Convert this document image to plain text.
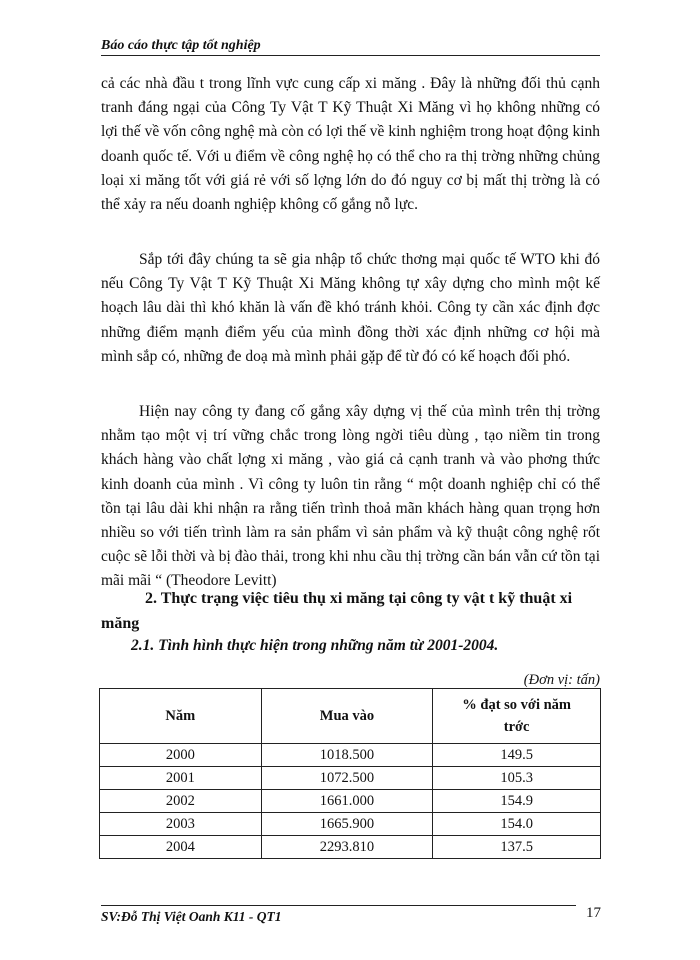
Báo cáo thực tập tốt nghiệp

cả các nhà đầu t trong lĩnh vực cung cấp xi măng . Đây là những đối thủ cạnh tranh đáng ngại của Công Ty Vật T Kỹ Thuật Xi Măng vì họ không những có lợi thế về vốn công nghệ mà còn có lợi thế về kinh nghiệm trong hoạt động kinh doanh quốc tế. Với u điểm về công nghệ họ có thể cho ra thị trờng những chủng loại xi măng tốt với giá rẻ với số lợng lớn do đó nguy cơ bị mất thị trờng là có thể xảy ra nếu doanh nghiệp không cố gắng nỗ lực.

Sắp tới đây chúng ta sẽ gia nhập tổ chức thơng mại quốc tế WTO khi đó nếu Công Ty Vật T Kỹ Thuật Xi Măng không tự xây dựng cho mình một kế hoạch lâu dài thì khó khăn là vấn đề khó tránh khỏi. Công ty cần xác định đợc những điểm mạnh điểm yếu của mình đồng thời xác định những cơ hội mà mình sắp có, những đe doạ mà mình phải gặp để từ đó có kế hoạch đối phó.

Hiện nay công ty đang cố gắng xây dựng vị thế của mình trên thị trờng nhằm tạo một vị trí vững chắc trong lòng ngời tiêu dùng , tạo niềm tin trong khách hàng vào chất lợng xi măng , vào giá cả cạnh tranh và vào phơng thức kinh doanh của mình . Vì công ty luôn tin rằng “ một doanh nghiệp chỉ có thể tồn tại lâu dài khi nhận ra rằng tiến trình thoả mãn khách hàng quan trọng hơn nhiều so với tiến trình làm ra sản phẩm vì sản phẩm và kỹ thuật công nghệ rốt cuộc sẽ lỗi thời và bị đào thải, trong khi nhu cầu thị trờng cần bán vẫn cứ tồn tại mãi mãi “ (Theodore Levitt)

2. Thực trạng việc tiêu thụ xi măng tại công ty vật t kỹ thuật xi măng

2.1. Tình hình thực hiện trong những năm từ 2001-2004.

(Đơn vị: tấn)
Năm	Mua vào	% đạt so với năm trớc
2000	1018.500	149.5
2001	1072.500	105.3
2002	1661.000	154.9
2003	1665.900	154.0
2004	2293.810	137.5
SV:Đỗ Thị Việt Oanh K11 - QT1	17
